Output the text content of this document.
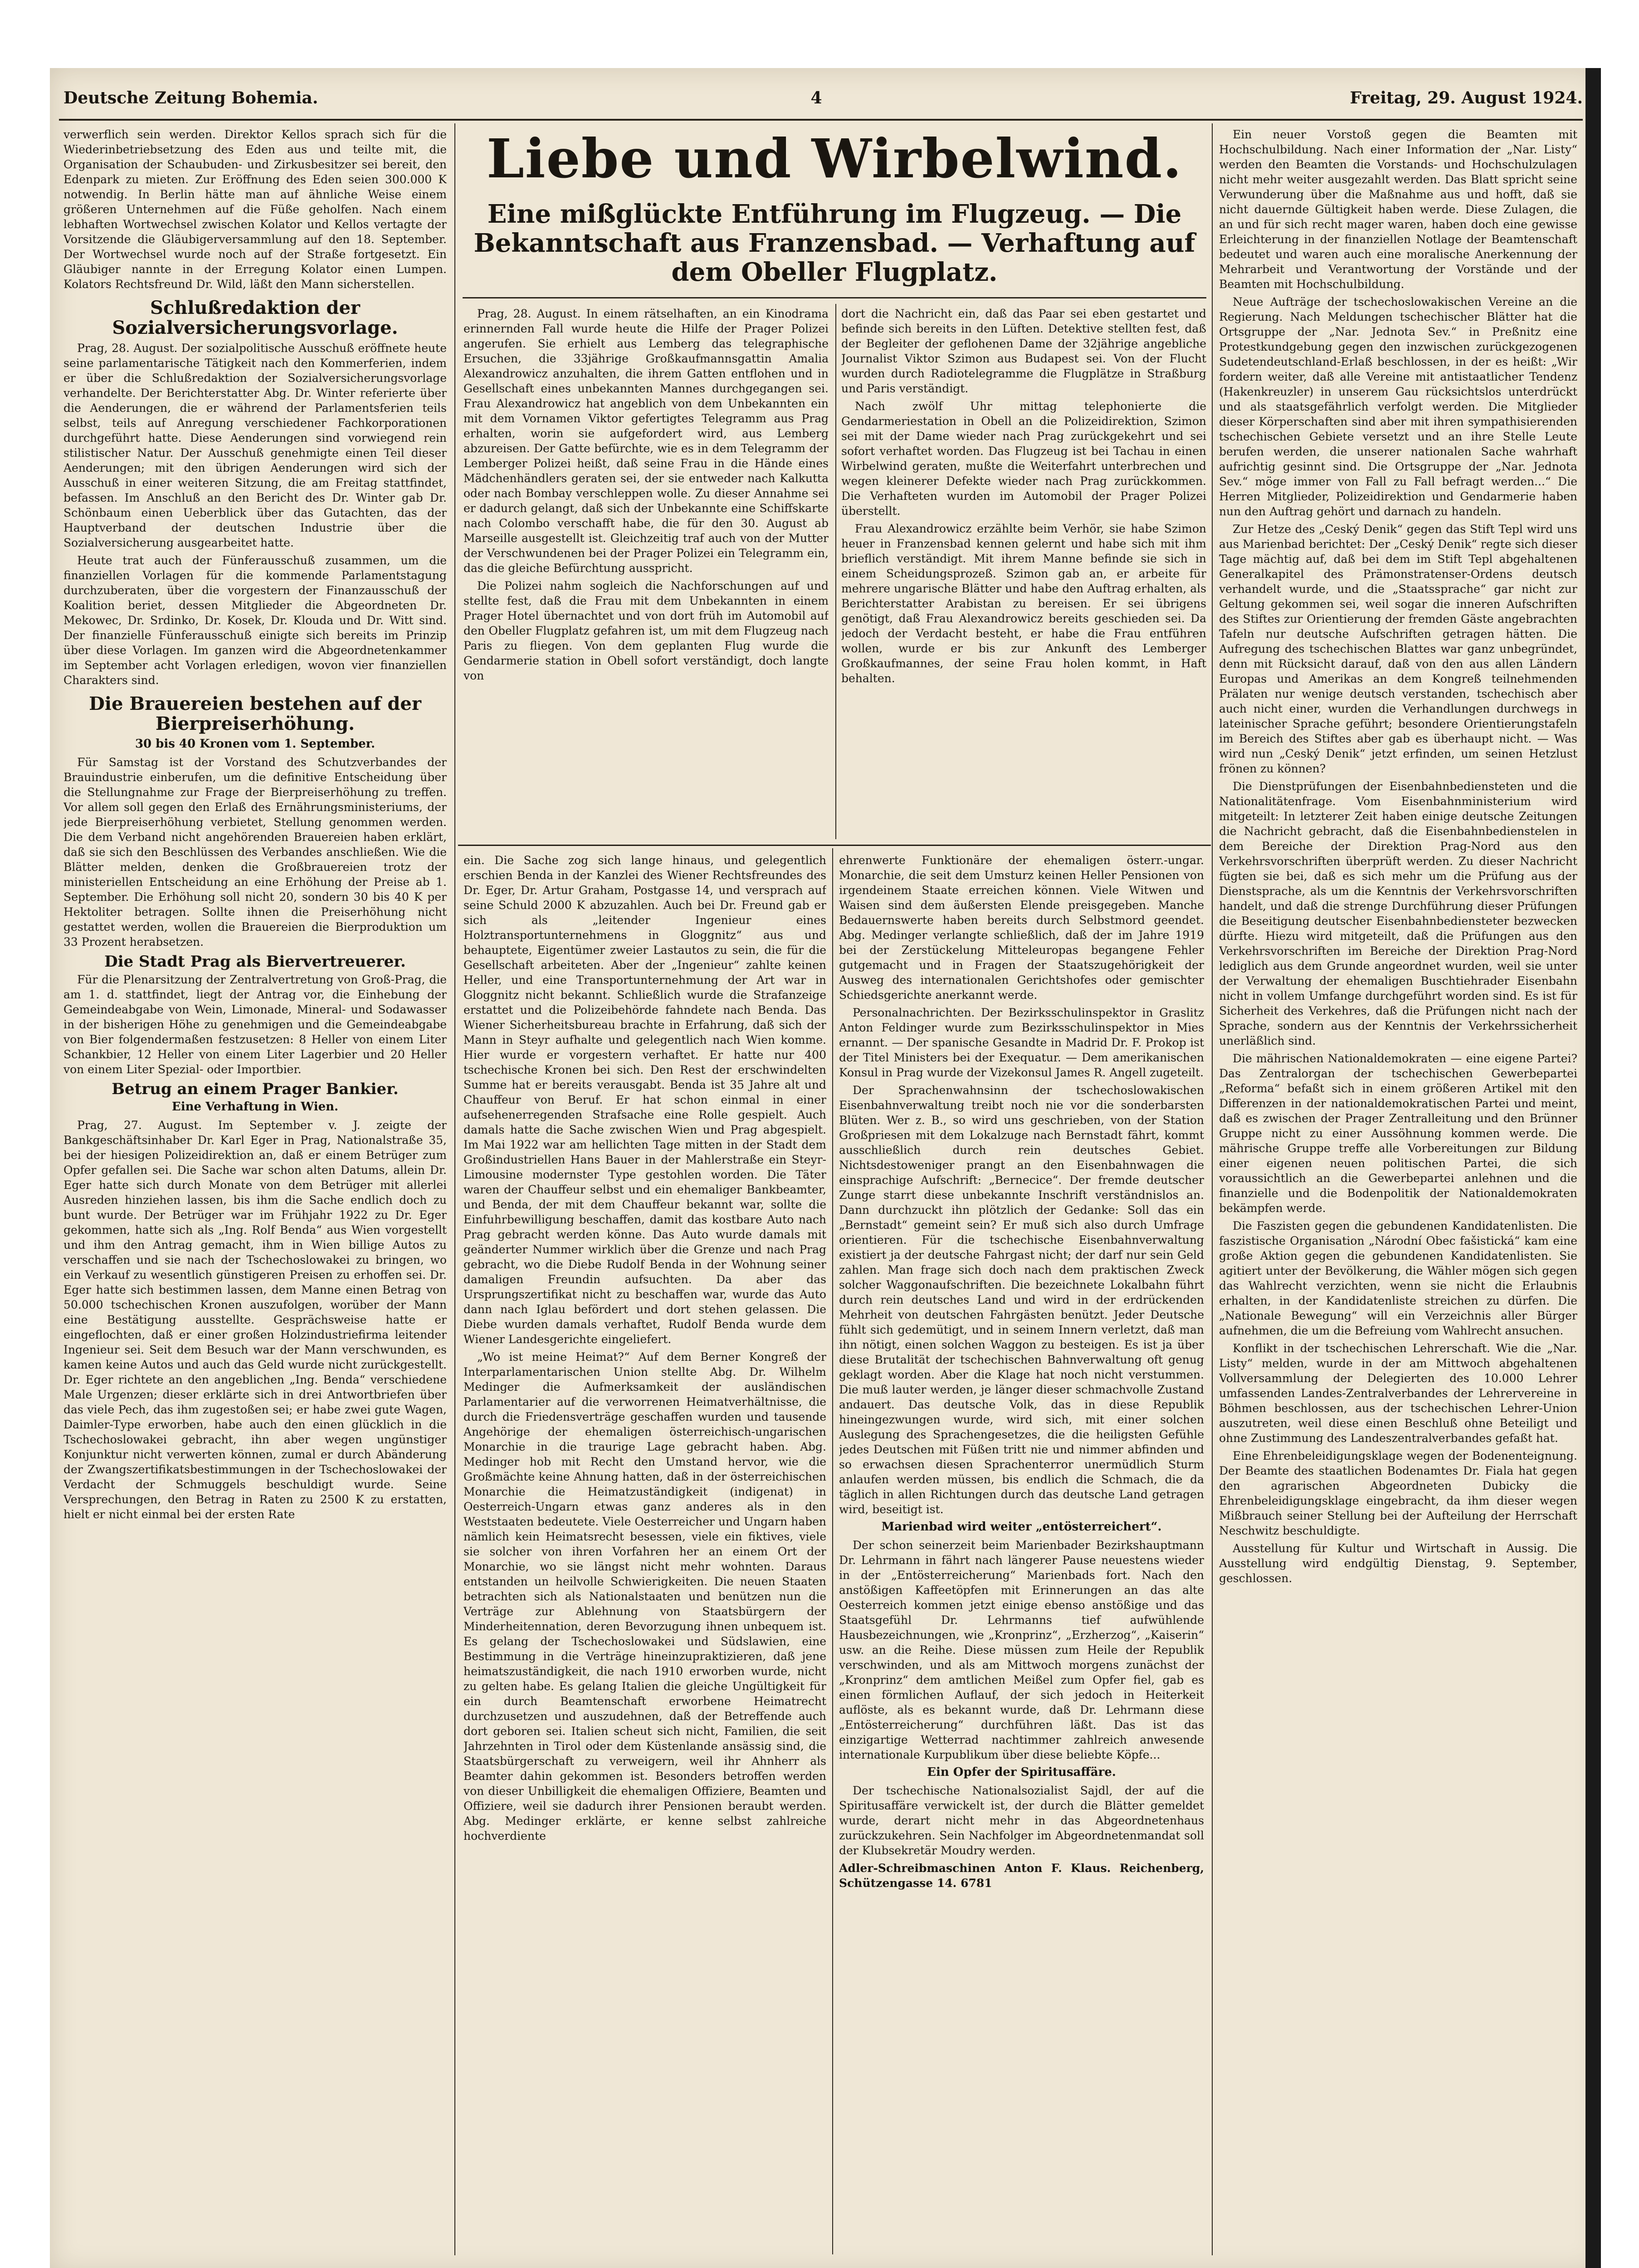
Deutsche Zeitung Bohemia.	4	Freitag, 29. August 1924.

verwerflich sein werden. Direktor Kellos sprach sich für die Wiederinbetriebsetzung des Eden aus und teilte mit, die Organisation der Schaubuden- und Zirkusbesitzer sei bereit, den Edenpark zu mieten. Zur Eröffnung des Eden seien 300.000 K notwendig. In Berlin hätte man auf ähnliche Weise einem größeren Unternehmen auf die Füße geholfen. Nach einem lebhaften Wortwechsel zwischen Kolator und Kellos vertagte der Vorsitzende die Gläubigerversammlung auf den 18. September. Der Wortwechsel wurde noch auf der Straße fortgesetzt. Ein Gläubiger nannte in der Erregung Kolator einen Lumpen. Kolators Rechtsfreund Dr. Wild, läßt den Mann sicherstellen.

Schlußredaktion der Sozialversicherungsvorlage.

Prag, 28. August. Der sozialpolitische Ausschuß eröffnete heute seine parlamentarische Tätigkeit nach den Kommerferien, indem er über die Schlußredaktion der Sozialversicherungsvorlage verhandelte. Der Berichterstatter Abg. Dr. Winter referierte über die Aenderungen, die er während der Parlamentsferien teils selbst, teils auf Anregung verschiedener Fachkorporationen durchgeführt hatte. Diese Aenderungen sind vorwiegend rein stilistischer Natur. Der Ausschuß genehmigte einen Teil dieser Aenderungen; mit den übrigen Aenderungen wird sich der Ausschuß in einer weiteren Sitzung, die am Freitag stattfindet, befassen. Im Anschluß an den Bericht des Dr. Winter gab Dr. Schönbaum einen Ueberblick über das Gutachten, das der Hauptverband der deutschen Industrie über die Sozialversicherung ausgearbeitet hatte.

Heute trat auch der Fünferausschuß zusammen, um die finanziellen Vorlagen für die kommende Parlamentstagung durchzuberaten, über die vorgestern der Finanzausschuß der Koalition beriet, dessen Mitglieder die Abgeordneten Dr. Mekowec, Dr. Srdinko, Dr. Kosek, Dr. Klouda und Dr. Witt sind. Der finanzielle Fünferausschuß einigte sich bereits im Prinzip über diese Vorlagen. Im ganzen wird die Abgeordnetenkammer im September acht Vorlagen erledigen, wovon vier finanziellen Charakters sind.

Die Brauereien bestehen auf der Bierpreiserhöhung.
30 bis 40 Kronen vom 1. September.

Für Samstag ist der Vorstand des Schutzverbandes der Brauindustrie einberufen, um die definitive Entscheidung über die Stellungnahme zur Frage der Bierpreiserhöhung zu treffen. Vor allem soll gegen den Erlaß des Ernährungsministeriums, der jede Bierpreiserhöhung verbietet, Stellung genommen werden. Die dem Verband nicht angehörenden Brauereien haben erklärt, daß sie sich den Beschlüssen des Verbandes anschließen. Wie die Blätter melden, denken die Großbrauereien trotz der ministeriellen Entscheidung an eine Erhöhung der Preise ab 1. September. Die Erhöhung soll nicht 20, sondern 30 bis 40 K per Hektoliter betragen. Sollte ihnen die Preiserhöhung nicht gestattet werden, wollen die Brauereien die Bierproduktion um 33 Prozent herabsetzen.

Die Stadt Prag als Biervertreuerer.

Für die Plenarsitzung der Zentralvertretung von Groß-Prag, die am 1. d. stattfindet, liegt der Antrag vor, die Einhebung der Gemeindeabgabe von Wein, Limonade, Mineral- und Sodawasser in der bisherigen Höhe zu genehmigen und die Gemeindeabgabe von Bier folgendermaßen festzusetzen: 8 Heller von einem Liter Schankbier, 12 Heller von einem Liter Lagerbier und 20 Heller von einem Liter Spezial- oder Importbier.

Betrug an einem Prager Bankier.
Eine Verhaftung in Wien.

Prag, 27. August. Im September v. J. zeigte der Bankgeschäftsinhaber Dr. Karl Eger in Prag, Nationalstraße 35, bei der hiesigen Polizeidirektion an, daß er einem Betrüger zum Opfer gefallen sei. Die Sache war schon alten Datums, allein Dr. Eger hatte sich durch Monate von dem Betrüger mit allerlei Ausreden hinziehen lassen, bis ihm die Sache endlich doch zu bunt wurde. Der Betrüger war im Frühjahr 1922 zu Dr. Eger gekommen, hatte sich als „Ing. Rolf Benda“ aus Wien vorgestellt und ihm den Antrag gemacht, ihm in Wien billige Autos zu verschaffen und sie nach der Tschechoslowakei zu bringen, wo ein Verkauf zu wesentlich günstigeren Preisen zu erhoffen sei. Dr. Eger hatte sich bestimmen lassen, dem Manne einen Betrag von 50.000 tschechischen Kronen auszufolgen, worüber der Mann eine Bestätigung ausstellte. Gesprächsweise hatte er eingeflochten, daß er einer großen Holzindustriefirma leitender Ingenieur sei. Seit dem Besuch war der Mann verschwunden, es kamen keine Autos und auch das Geld wurde nicht zurückgestellt. Dr. Eger richtete an den angeblichen „Ing. Benda“ verschiedene Male Urgenzen; dieser erklärte sich in drei Antwortbriefen über das viele Pech, das ihm zugestoßen sei; er habe zwei gute Wagen, Daimler-Type erworben, habe auch den einen glücklich in die Tschechoslowakei gebracht, ihn aber wegen ungünstiger Konjunktur nicht verwerten können, zumal er durch Abänderung der Zwangszertifikatsbestimmungen in der Tschechoslowakei der Verdacht der Schmuggels beschuldigt wurde. Seine Versprechungen, den Betrag in Raten zu 2500 K zu erstatten, hielt er nicht einmal bei der ersten Rate

Liebe und Wirbelwind.
Eine mißglückte Entführung im Flugzeug. — Die Bekanntschaft aus Franzensbad. — Verhaftung auf dem Obeller Flugplatz.

Prag, 28. August. In einem rätselhaften, an ein Kinodrama erinnernden Fall wurde heute die Hilfe der Prager Polizei angerufen. Sie erhielt aus Lemberg das telegraphische Ersuchen, die 33jährige Großkaufmannsgattin Amalia Alexandrowicz anzuhalten, die ihrem Gatten entflohen und in Gesellschaft eines unbekannten Mannes durchgegangen sei. Frau Alexandrowicz hat angeblich von dem Unbekannten ein mit dem Vornamen Viktor gefertigtes Telegramm aus Prag erhalten, worin sie aufgefordert wird, aus Lemberg abzureisen. Der Gatte befürchte, wie es in dem Telegramm der Lemberger Polizei heißt, daß seine Frau in die Hände eines Mädchenhändlers geraten sei, der sie entweder nach Kalkutta oder nach Bombay verschleppen wolle. Zu dieser Annahme sei er dadurch gelangt, daß sich der Unbekannte eine Schiffskarte nach Colombo verschafft habe, die für den 30. August ab Marseille ausgestellt ist. Gleichzeitig traf auch von der Mutter der Verschwundenen bei der Prager Polizei ein Telegramm ein, das die gleiche Befürchtung ausspricht.

Die Polizei nahm sogleich die Nachforschungen auf und stellte fest, daß die Frau mit dem Unbekannten in einem Prager Hotel übernachtet und von dort früh im Automobil auf den Obeller Flugplatz gefahren ist, um mit dem Flugzeug nach Paris zu fliegen. Von dem geplanten Flug wurde die Gendarmerie station in Obell sofort verständigt, doch langte von

dort die Nachricht ein, daß das Paar sei eben gestartet und befinde sich bereits in den Lüften. Detektive stellten fest, daß der Begleiter der geflohenen Dame der 32jährige angebliche Journalist Viktor Szimon aus Budapest sei. Von der Flucht wurden durch Radiotelegramme die Flugplätze in Straßburg und Paris verständigt.

Nach zwölf Uhr mittag telephonierte die Gendarmeriestation in Obell an die Polizeidirektion, Szimon sei mit der Dame wieder nach Prag zurückgekehrt und sei sofort verhaftet worden. Das Flugzeug ist bei Tachau in einen Wirbelwind geraten, mußte die Weiterfahrt unterbrechen und wegen kleinerer Defekte wieder nach Prag zurückkommen. Die Verhafteten wurden im Automobil der Prager Polizei überstellt.

Frau Alexandrowicz erzählte beim Verhör, sie habe Szimon heuer in Franzensbad kennen gelernt und habe sich mit ihm brieflich verständigt. Mit ihrem Manne befinde sie sich in einem Scheidungsprozeß. Szimon gab an, er arbeite für mehrere ungarische Blätter und habe den Auftrag erhalten, als Berichterstatter Arabistan zu bereisen. Er sei übrigens genötigt, daß Frau Alexandrowicz bereits geschieden sei. Da jedoch der Verdacht besteht, er habe die Frau entführen wollen, wurde er bis zur Ankunft des Lemberger Großkaufmannes, der seine Frau holen kommt, in Haft behalten.

ein. Die Sache zog sich lange hinaus, und gelegentlich erschien Benda in der Kanzlei des Wiener Rechtsfreundes des Dr. Eger, Dr. Artur Graham, Postgasse 14, und versprach auf seine Schuld 2000 K abzuzahlen. Auch bei Dr. Freund gab er sich als „leitender Ingenieur eines Holztransportunternehmens in Gloggnitz“ aus und behauptete, Eigentümer zweier Lastautos zu sein, die für die Gesellschaft arbeiteten. Aber der „Ingenieur“ zahlte keinen Heller, und eine Transportunternehmung der Art war in Gloggnitz nicht bekannt. Schließlich wurde die Strafanzeige erstattet und die Polizeibehörde fahndete nach Benda. Das Wiener Sicherheitsbureau brachte in Erfahrung, daß sich der Mann in Steyr aufhalte und gelegentlich nach Wien komme. Hier wurde er vorgestern verhaftet. Er hatte nur 400 tschechische Kronen bei sich. Den Rest der erschwindelten Summe hat er bereits verausgabt. Benda ist 35 Jahre alt und Chauffeur von Beruf. Er hat schon einmal in einer aufsehenerregenden Strafsache eine Rolle gespielt. Auch damals hatte die Sache zwischen Wien und Prag abgespielt. Im Mai 1922 war am hellichten Tage mitten in der Stadt dem Großindustriellen Hans Bauer in der Mahlerstraße ein Steyr-Limousine modernster Type gestohlen worden. Die Täter waren der Chauffeur selbst und ein ehemaliger Bankbeamter, und Benda, der mit dem Chauffeur bekannt war, sollte die Einfuhrbewilligung beschaffen, damit das kostbare Auto nach Prag gebracht werden könne. Das Auto wurde damals mit geänderter Nummer wirklich über die Grenze und nach Prag gebracht, wo die Diebe Rudolf Benda in der Wohnung seiner damaligen Freundin aufsuchten. Da aber das Ursprungszertifikat nicht zu beschaffen war, wurde das Auto dann nach Iglau befördert und dort stehen gelassen. Die Diebe wurden damals verhaftet, Rudolf Benda wurde dem Wiener Landesgerichte eingeliefert.

„Wo ist meine Heimat?“ Auf dem Berner Kongreß der Interparlamentarischen Union stellte Abg. Dr. Wilhelm Medinger die Aufmerksamkeit der ausländischen Parlamentarier auf die verworrenen Heimatverhältnisse, die durch die Friedensverträge geschaffen wurden und tausende Angehörige der ehemaligen österreichisch-ungarischen Monarchie in die traurige Lage gebracht haben. Abg. Medinger hob mit Recht den Umstand hervor, wie die Großmächte keine Ahnung hatten, daß in der österreichischen Monarchie die Heimatzuständigkeit (indigenat) in Oesterreich-Ungarn etwas ganz anderes als in den Weststaaten bedeutete. Viele Oesterreicher und Ungarn haben nämlich kein Heimatsrecht besessen, viele ein fiktives, viele sie solcher von ihren Vorfahren her an einem Ort der Monarchie, wo sie längst nicht mehr wohnten. Daraus entstanden un heilvolle Schwierigkeiten. Die neuen Staaten betrachten sich als Nationalstaaten und benützen nun die Verträge zur Ablehnung von Staatsbürgern der Minderheitennation, deren Bevorzugung ihnen unbequem ist. Es gelang der Tschechoslowakei und Südslawien, eine Bestimmung in die Verträge hineinzupraktizieren, daß jene heimatszuständigkeit, die nach 1910 erworben wurde, nicht zu gelten habe. Es gelang Italien die gleiche Ungültigkeit für ein durch Beamtenschaft erworbene Heimatrecht durchzusetzen und auszudehnen, daß der Betreffende auch dort geboren sei. Italien scheut sich nicht, Familien, die seit Jahrzehnten in Tirol oder dem Küstenlande ansässig sind, die Staatsbürgerschaft zu verweigern, weil ihr Ahnherr als Beamter dahin gekommen ist. Besonders betroffen werden von dieser Unbilligkeit die ehemaligen Offiziere, Beamten und Offiziere, weil sie dadurch ihrer Pensionen beraubt werden. Abg. Medinger erklärte, er kenne selbst zahlreiche hochverdiente

ehrenwerte Funktionäre der ehemaligen österr.-ungar. Monarchie, die seit dem Umsturz keinen Heller Pensionen von irgendeinem Staate erreichen können. Viele Witwen und Waisen sind dem äußersten Elende preisgegeben. Manche Bedauernswerte haben bereits durch Selbstmord geendet. Abg. Medinger verlangte schließlich, daß der im Jahre 1919 bei der Zerstückelung Mitteleuropas begangene Fehler gutgemacht und in Fragen der Staatszugehörigkeit der Ausweg des internationalen Gerichtshofes oder gemischter Schiedsgerichte anerkannt werde.

Personalnachrichten. Der Bezirksschulinspektor in Graslitz Anton Feldinger wurde zum Bezirksschulinspektor in Mies ernannt. — Der spanische Gesandte in Madrid Dr. F. Prokop ist der Titel Ministers bei der Exequatur. — Dem amerikanischen Konsul in Prag wurde der Vizekonsul James R. Angell zugeteilt.

Der Sprachenwahnsinn der tschechoslowakischen Eisenbahnverwaltung treibt noch nie vor die sonderbarsten Blüten. Wer z. B., so wird uns geschrieben, von der Station Großpriesen mit dem Lokalzuge nach Bernstadt fährt, kommt ausschließlich durch rein deutsches Gebiet. Nichtsdestoweniger prangt an den Eisenbahnwagen die einsprachige Aufschrift: „Bernecice“. Der fremde deutscher Zunge starrt diese unbekannte Inschrift verständnislos an. Dann durchzuckt ihn plötzlich der Gedanke: Soll das ein „Bernstadt“ gemeint sein? Er muß sich also durch Umfrage orientieren. Für die tschechische Eisenbahnverwaltung existiert ja der deutsche Fahrgast nicht; der darf nur sein Geld zahlen. Man frage sich doch nach dem praktischen Zweck solcher Waggonaufschriften. Die bezeichnete Lokalbahn führt durch rein deutsches Land und wird in der erdrückenden Mehrheit von deutschen Fahrgästen benützt. Jeder Deutsche fühlt sich gedemütigt, und in seinem Innern verletzt, daß man ihn nötigt, einen solchen Waggon zu besteigen. Es ist ja über diese Brutalität der tschechischen Bahnverwaltung oft genug geklagt worden. Aber die Klage hat noch nicht verstummen. Die muß lauter werden, je länger dieser schmachvolle Zustand andauert. Das deutsche Volk, das in diese Republik hineingezwungen wurde, wird sich, mit einer solchen Auslegung des Sprachengesetzes, die die heiligsten Gefühle jedes Deutschen mit Füßen tritt nie und nimmer abfinden und so erwachsen diesen Sprachenterror unermüdlich Sturm anlaufen werden müssen, bis endlich die Schmach, die da täglich in allen Richtungen durch das deutsche Land getragen wird, beseitigt ist.

Marienbad wird weiter „entösterreichert“.

Der schon seinerzeit beim Marienbader Bezirkshauptmann Dr. Lehrmann in fährt nach längerer Pause neuestens wieder in der „Entösterreicherung“ Marienbads fort. Nach den anstößigen Kaffeetöpfen mit Erinnerungen an das alte Oesterreich kommen jetzt einige ebenso anstößige und das Staatsgefühl Dr. Lehrmanns tief aufwühlende Hausbezeichnungen, wie „Kronprinz“, „Erzherzog“, „Kaiserin“ usw. an die Reihe. Diese müssen zum Heile der Republik verschwinden, und als am Mittwoch morgens zunächst der „Kronprinz“ dem amtlichen Meißel zum Opfer fiel, gab es einen förmlichen Auflauf, der sich jedoch in Heiterkeit auflöste, als es bekannt wurde, daß Dr. Lehrmann diese „Entösterreicherung“ durchführen läßt. Das ist das einzigartige Wetterrad nachtimmer zahlreich anwesende internationale Kurpublikum über diese beliebte Köpfe...

Ein Opfer der Spiritusaffäre.

Der tschechische Nationalsozialist Sajdl, der auf die Spiritusaffäre verwickelt ist, der durch die Blätter gemeldet wurde, derart nicht mehr in das Abgeordnetenhaus zurückzukehren. Sein Nachfolger im Abgeordnetenmandat soll der Klubsekretär Moudry werden.

Adler-Schreibmaschinen Anton F. Klaus. Reichenberg, Schützengasse 14. 6781

Ein neuer Vorstoß gegen die Beamten mit Hochschulbildung. Nach einer Information der „Nar. Listy“ werden den Beamten die Vorstands- und Hochschulzulagen nicht mehr weiter ausgezahlt werden. Das Blatt spricht seine Verwunderung über die Maßnahme aus und hofft, daß sie nicht dauernde Gültigkeit haben werde. Diese Zulagen, die an und für sich recht mager waren, haben doch eine gewisse Erleichterung in der finanziellen Notlage der Beamtenschaft bedeutet und waren auch eine moralische Anerkennung der Mehrarbeit und Verantwortung der Vorstände und der Beamten mit Hochschulbildung.

Neue Aufträge der tschechoslowakischen Vereine an die Regierung. Nach Meldungen tschechischer Blätter hat die Ortsgruppe der „Nar. Jednota Sev.“ in Preßnitz eine Protestkundgebung gegen den inzwischen zurückgezogenen Sudetendeutschland-Erlaß beschlossen, in der es heißt: „Wir fordern weiter, daß alle Vereine mit antistaatlicher Tendenz (Hakenkreuzler) in unserem Gau rücksichtslos unterdrückt und als staatsgefährlich verfolgt werden. Die Mitglieder dieser Körperschaften sind aber mit ihren sympathisierenden tschechischen Gebiete versetzt und an ihre Stelle Leute berufen werden, die unserer nationalen Sache wahrhaft aufrichtig gesinnt sind. Die Ortsgruppe der „Nar. Jednota Sev.“ möge immer von Fall zu Fall befragt werden...“ Die Herren Mitglieder, Polizeidirektion und Gendarmerie haben nun den Auftrag gehört und darnach zu handeln.

Zur Hetze des „Ceský Denik“ gegen das Stift Tepl wird uns aus Marienbad berichtet: Der „Ceský Denik“ regte sich dieser Tage mächtig auf, daß bei dem im Stift Tepl abgehaltenen Generalkapitel des Prämonstratenser-Ordens deutsch verhandelt wurde, und die „Staatssprache“ gar nicht zur Geltung gekommen sei, weil sogar die inneren Aufschriften des Stiftes zur Orientierung der fremden Gäste angebrachten Tafeln nur deutsche Aufschriften getragen hätten. Die Aufregung des tschechischen Blattes war ganz unbegründet, denn mit Rücksicht darauf, daß von den aus allen Ländern Europas und Amerikas an dem Kongreß teilnehmenden Prälaten nur wenige deutsch verstanden, tschechisch aber auch nicht einer, wurden die Verhandlungen durchwegs in lateinischer Sprache geführt; besondere Orientierungstafeln im Bereich des Stiftes aber gab es überhaupt nicht. — Was wird nun „Ceský Denik“ jetzt erfinden, um seinen Hetzlust frönen zu können?

Die Dienstprüfungen der Eisenbahnbediensteten und die Nationalitätenfrage. Vom Eisenbahnministerium wird mitgeteilt: In letzterer Zeit haben einige deutsche Zeitungen die Nachricht gebracht, daß die Eisenbahnbedienstelen in dem Bereiche der Direktion Prag-Nord aus den Verkehrsvorschriften überprüft werden. Zu dieser Nachricht fügten sie bei, daß es sich mehr um die Prüfung aus der Dienstsprache, als um die Kenntnis der Verkehrsvorschriften handelt, und daß die strenge Durchführung dieser Prüfungen die Beseitigung deutscher Eisenbahnbediensteter bezwecken dürfte. Hiezu wird mitgeteilt, daß die Prüfungen aus den Verkehrsvorschriften im Bereiche der Direktion Prag-Nord lediglich aus dem Grunde angeordnet wurden, weil sie unter der Verwaltung der ehemaligen Buschtiehrader Eisenbahn nicht in vollem Umfange durchgeführt worden sind. Es ist für Sicherheit des Verkehres, daß die Prüfungen nicht nach der Sprache, sondern aus der Kenntnis der Verkehrssicherheit unerläßlich sind.

Die mährischen Nationaldemokraten — eine eigene Partei? Das Zentralorgan der tschechischen Gewerbepartei „Reforma“ befaßt sich in einem größeren Artikel mit den Differenzen in der nationaldemokratischen Partei und meint, daß es zwischen der Prager Zentralleitung und den Brünner Gruppe nicht zu einer Aussöhnung kommen werde. Die mährische Gruppe treffe alle Vorbereitungen zur Bildung einer eigenen neuen politischen Partei, die sich voraussichtlich an die Gewerbepartei anlehnen und die finanzielle und die Bodenpolitik der Nationaldemokraten bekämpfen werde.

Die Faszisten gegen die gebundenen Kandidatenlisten. Die faszistische Organisation „Národní Obec fašistická“ kam eine große Aktion gegen die gebundenen Kandidatenlisten. Sie agitiert unter der Bevölkerung, die Wähler mögen sich gegen das Wahlrecht verzichten, wenn sie nicht die Erlaubnis erhalten, in der Kandidatenliste streichen zu dürfen. Die „Nationale Bewegung“ will ein Verzeichnis aller Bürger aufnehmen, die um die Befreiung vom Wahlrecht ansuchen.

Konflikt in der tschechischen Lehrerschaft. Wie die „Nar. Listy“ melden, wurde in der am Mittwoch abgehaltenen Vollversammlung der Delegierten des 10.000 Lehrer umfassenden Landes-Zentralverbandes der Lehrervereine in Böhmen beschlossen, aus der tschechischen Lehrer-Union auszutreten, weil diese einen Beschluß ohne Beteiligt und ohne Zustimmung des Landeszentralverbandes gefaßt hat.

Eine Ehrenbeleidigungsklage wegen der Bodenenteignung. Der Beamte des staatlichen Bodenamtes Dr. Fiala hat gegen den agrarischen Abgeordneten Dubicky die Ehrenbeleidigungsklage eingebracht, da ihm dieser wegen Mißbrauch seiner Stellung bei der Aufteilung der Herrschaft Neschwitz beschuldigte.

Ausstellung für Kultur und Wirtschaft in Aussig. Die Ausstellung wird endgültig Dienstag, 9. September, geschlossen.
